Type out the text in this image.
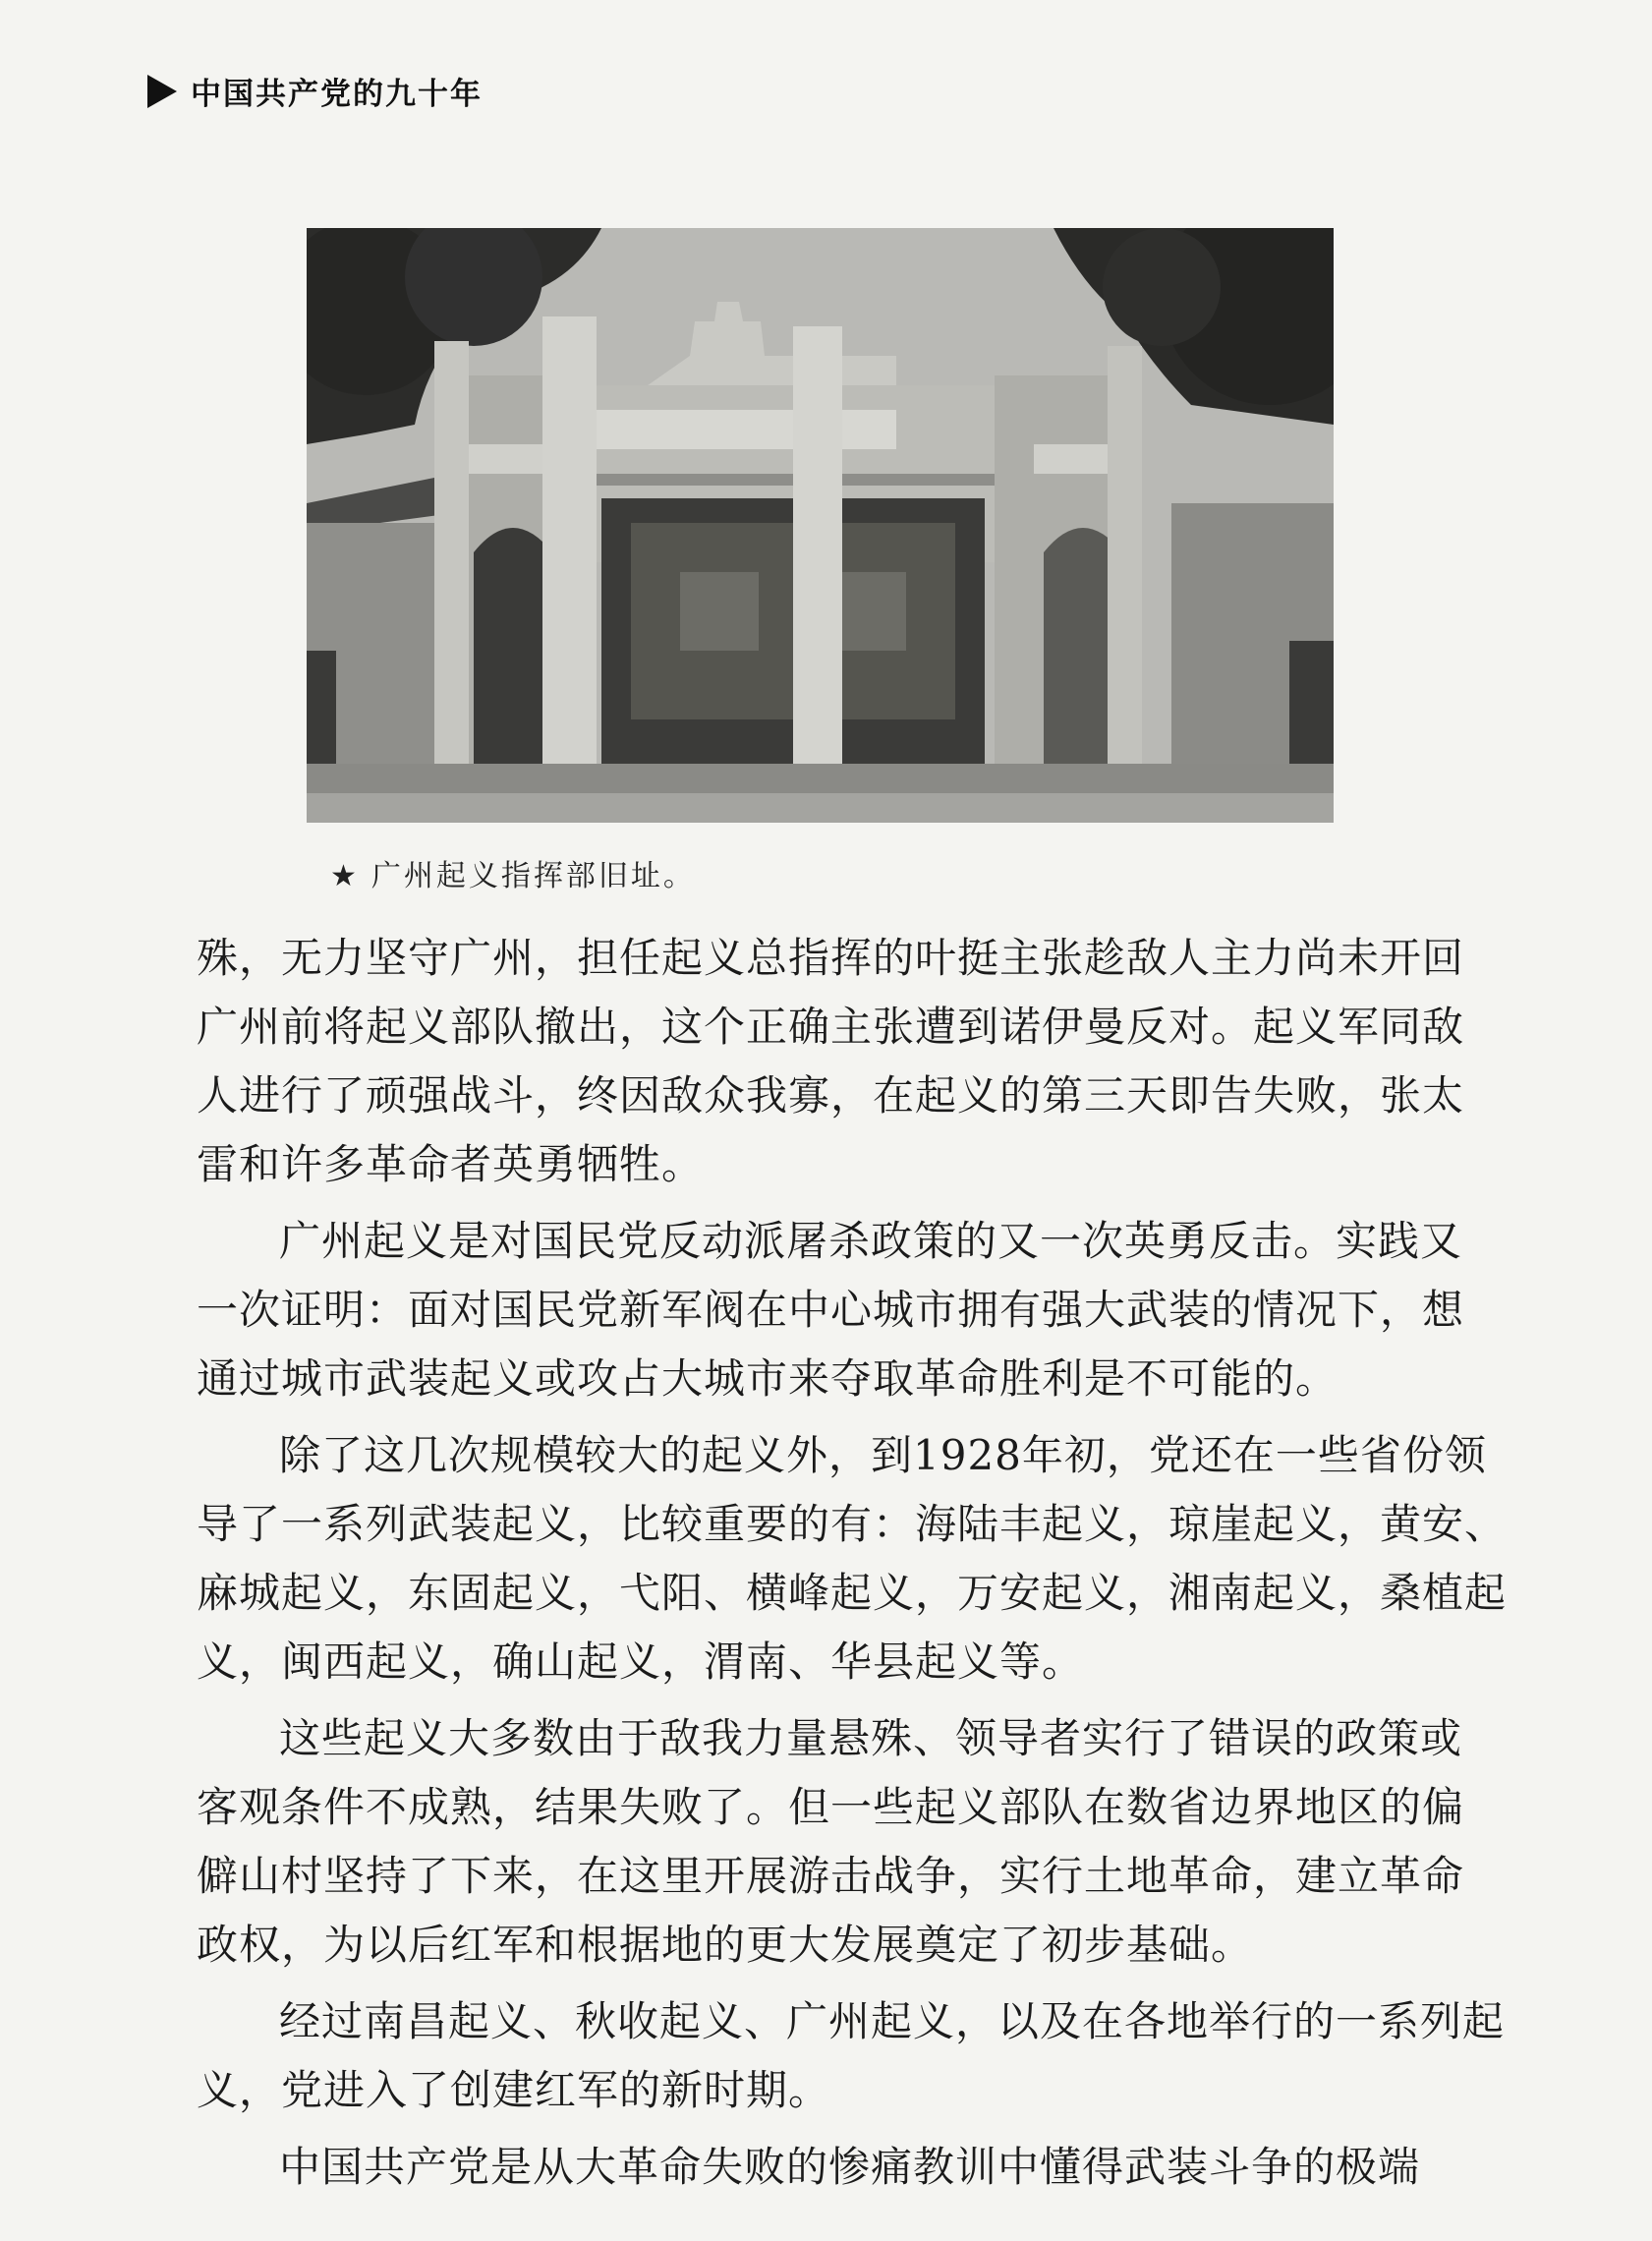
中国共产党的九十年
★ 广州起义指挥部旧址。
殊，无力坚守广州，担任起义总指挥的叶挺主张趁敌人主力尚未开回
广州前将起义部队撤出，这个正确主张遭到诺伊曼反对。起义军同敌
人进行了顽强战斗，终因敌众我寡，在起义的第三天即告失败，张太
雷和许多革命者英勇牺牲。
广州起义是对国民党反动派屠杀政策的又一次英勇反击。实践又
一次证明：面对国民党新军阀在中心城市拥有强大武装的情况下，想
通过城市武装起义或攻占大城市来夺取革命胜利是不可能的。
除了这几次规模较大的起义外，到1928年初，党还在一些省份领
导了一系列武装起义，比较重要的有：海陆丰起义，琼崖起义，黄安、
麻城起义，东固起义，弋阳、横峰起义，万安起义，湘南起义，桑植起
义，闽西起义，确山起义，渭南、华县起义等。
这些起义大多数由于敌我力量悬殊、领导者实行了错误的政策或
客观条件不成熟，结果失败了。但一些起义部队在数省边界地区的偏
僻山村坚持了下来，在这里开展游击战争，实行土地革命，建立革命
政权，为以后红军和根据地的更大发展奠定了初步基础。
经过南昌起义、秋收起义、广州起义，以及在各地举行的一系列起
义，党进入了创建红军的新时期。
中国共产党是从大革命失败的惨痛教训中懂得武装斗争的极端
